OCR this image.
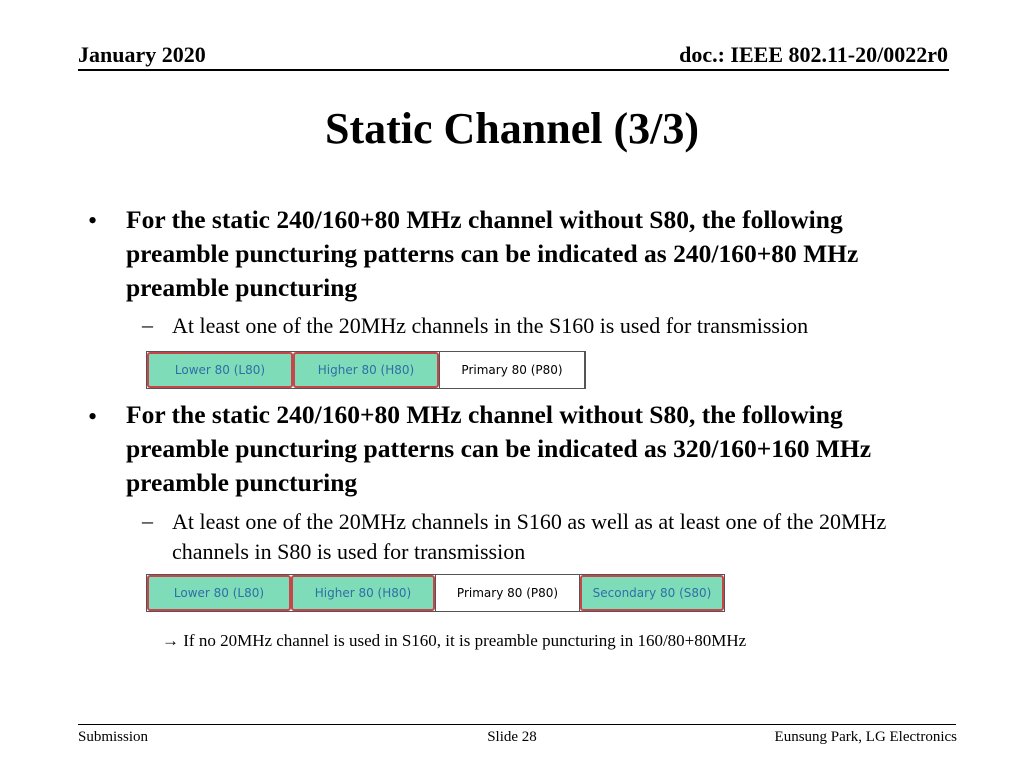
January 2020	doc.: IEEE 802.11-20/0022r0
Static Channel (3/3)
• For the static 240/160+80 MHz channel without S80, the following preamble puncturing patterns can be indicated as 240/160+80 MHz preamble puncturing
– At least one of the 20MHz channels in the S160 is used for transmission
Lower 80 (L80)	Higher 80 (H80)	Primary 80 (P80)
• For the static 240/160+80 MHz channel without S80, the following preamble puncturing patterns can be indicated as 320/160+160 MHz preamble puncturing
– At least one of the 20MHz channels in S160 as well as at least one of the 20MHz channels in S80 is used for transmission
Lower 80 (L80)	Higher 80 (H80)	Primary 80 (P80)	Secondary 80 (S80)
→ If no 20MHz channel is used in S160, it is preamble puncturing in 160/80+80MHz
Submission	Slide 28	Eunsung Park, LG Electronics
